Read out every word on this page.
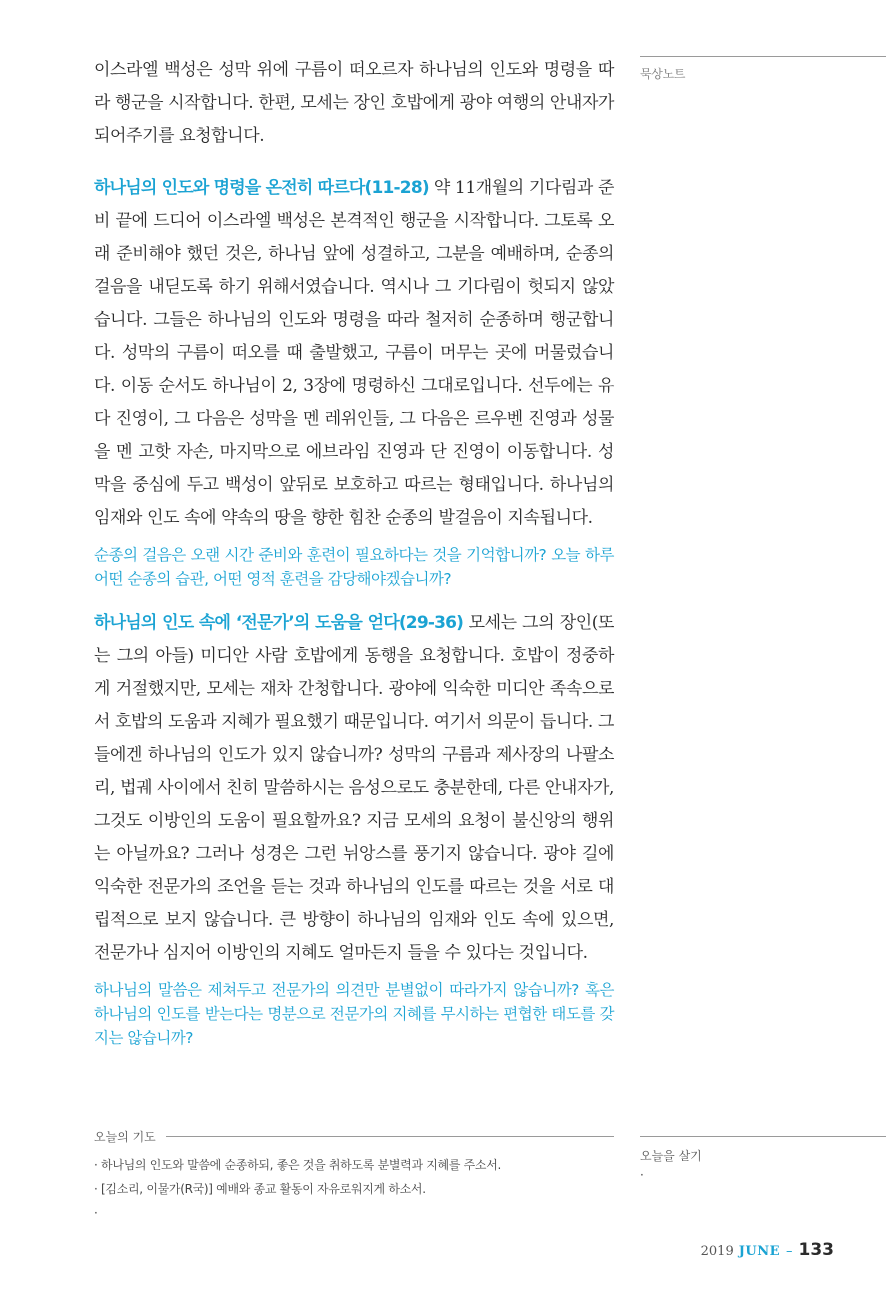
이스라엘 백성은 성막 위에 구름이 떠오르자 하나님의 인도와 명령을 따라 행군을 시작합니다. 한편, 모세는 장인 호밥에게 광야 여행의 안내자가 되어주기를 요청합니다.

하나님의 인도와 명령을 온전히 따르다(11-28) 약 11개월의 기다림과 준비 끝에 드디어 이스라엘 백성은 본격적인 행군을 시작합니다. 그토록 오래 준비해야 했던 것은, 하나님 앞에 성결하고, 그분을 예배하며, 순종의 걸음을 내딛도록 하기 위해서였습니다. 역시나 그 기다림이 헛되지 않았습니다. 그들은 하나님의 인도와 명령을 따라 철저히 순종하며 행군합니다. 성막의 구름이 떠오를 때 출발했고, 구름이 머무는 곳에 머물렀습니다. 이동 순서도 하나님이 2, 3장에 명령하신 그대로입니다. 선두에는 유다 진영이, 그 다음은 성막을 멘 레위인들, 그 다음은 르우벤 진영과 성물을 멘 고핫 자손, 마지막으로 에브라임 진영과 단 진영이 이동합니다. 성막을 중심에 두고 백성이 앞뒤로 보호하고 따르는 형태입니다. 하나님의 임재와 인도 속에 약속의 땅을 향한 힘찬 순종의 발걸음이 지속됩니다.

순종의 걸음은 오랜 시간 준비와 훈련이 필요하다는 것을 기억합니까? 오늘 하루 어떤 순종의 습관, 어떤 영적 훈련을 감당해야겠습니까?

하나님의 인도 속에 ‘전문가’의 도움을 얻다(29-36) 모세는 그의 장인(또는 그의 아들) 미디안 사람 호밥에게 동행을 요청합니다. 호밥이 정중하게 거절했지만, 모세는 재차 간청합니다. 광야에 익숙한 미디안 족속으로서 호밥의 도움과 지혜가 필요했기 때문입니다. 여기서 의문이 듭니다. 그들에겐 하나님의 인도가 있지 않습니까? 성막의 구름과 제사장의 나팔소리, 법궤 사이에서 친히 말씀하시는 음성으로도 충분한데, 다른 안내자가, 그것도 이방인의 도움이 필요할까요? 지금 모세의 요청이 불신앙의 행위는 아닐까요? 그러나 성경은 그런 뉘앙스를 풍기지 않습니다. 광야 길에 익숙한 전문가의 조언을 듣는 것과 하나님의 인도를 따르는 것을 서로 대립적으로 보지 않습니다. 큰 방향이 하나님의 임재와 인도 속에 있으면, 전문가나 심지어 이방인의 지혜도 얼마든지 들을 수 있다는 것입니다.

하나님의 말씀은 제쳐두고 전문가의 의견만 분별없이 따라가지 않습니까? 혹은 하나님의 인도를 받는다는 명분으로 전문가의 지혜를 무시하는 편협한 태도를 갖지는 않습니까?

묵상노트
오늘의 기도
· 하나님의 인도와 말씀에 순종하되, 좋은 것을 취하도록 분별력과 지혜를 주소서.
· [김소리, 이물가(R국)] 예배와 종교 활동이 자유로워지게 하소서.
·
오늘을 살기
·
2019 JUNE – 133
